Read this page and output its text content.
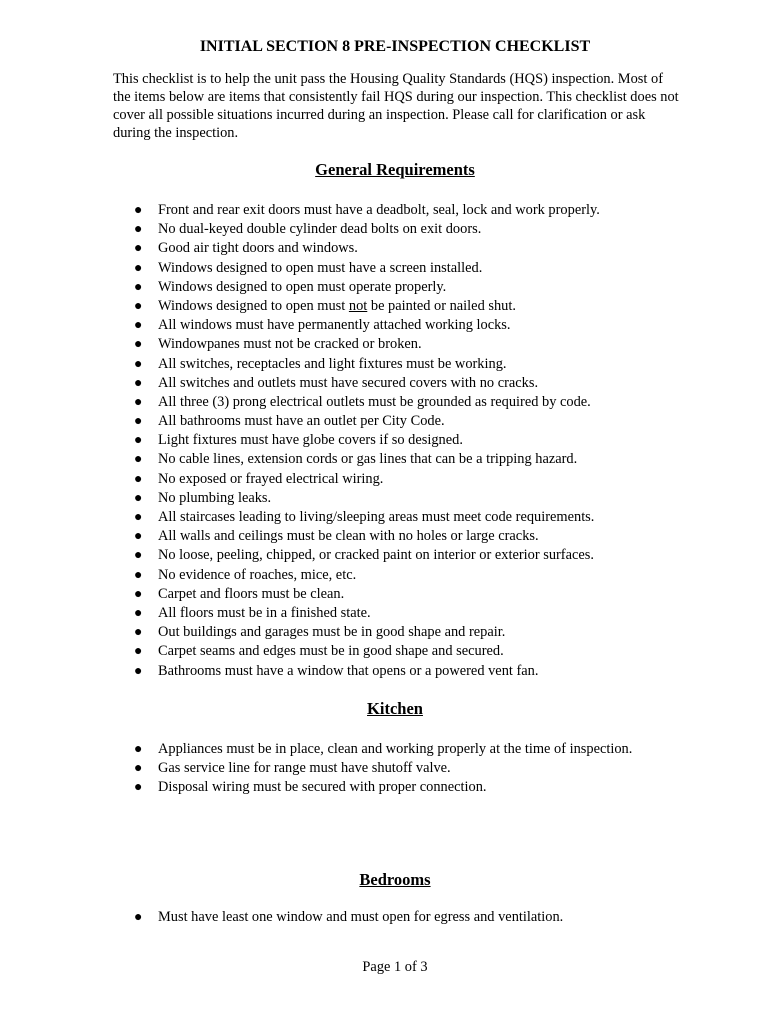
INITIAL SECTION 8 PRE-INSPECTION CHECKLIST
This checklist is to help the unit pass the Housing Quality Standards (HQS) inspection. Most of the items below are items that consistently fail HQS during our inspection. This checklist does not cover all possible situations incurred during an inspection. Please call for clarification or ask during the inspection.
General Requirements
● Front and rear exit doors must have a deadbolt, seal, lock and work properly.
● No dual-keyed double cylinder dead bolts on exit doors.
● Good air tight doors and windows.
● Windows designed to open must have a screen installed.
● Windows designed to open must operate properly.
● Windows designed to open must not be painted or nailed shut.
● All windows must have permanently attached working locks.
● Windowpanes must not be cracked or broken.
● All switches, receptacles and light fixtures must be working.
● All switches and outlets must have secured covers with no cracks.
● All three (3) prong electrical outlets must be grounded as required by code.
● All bathrooms must have an outlet per City Code.
● Light fixtures must have globe covers if so designed.
● No cable lines, extension cords or gas lines that can be a tripping hazard.
● No exposed or frayed electrical wiring.
● No plumbing leaks.
● All staircases leading to living/sleeping areas must meet code requirements.
● All walls and ceilings must be clean with no holes or large cracks.
● No loose, peeling, chipped, or cracked paint on interior or exterior surfaces.
● No evidence of roaches, mice, etc.
● Carpet and floors must be clean.
● All floors must be in a finished state.
● Out buildings and garages must be in good shape and repair.
● Carpet seams and edges must be in good shape and secured.
● Bathrooms must have a window that opens or a powered vent fan.
Kitchen
● Appliances must be in place, clean and working properly at the time of inspection.
● Gas service line for range must have shutoff valve.
● Disposal wiring must be secured with proper connection.
Bedrooms
● Must have least one window and must open for egress and ventilation.
Page 1 of 3
